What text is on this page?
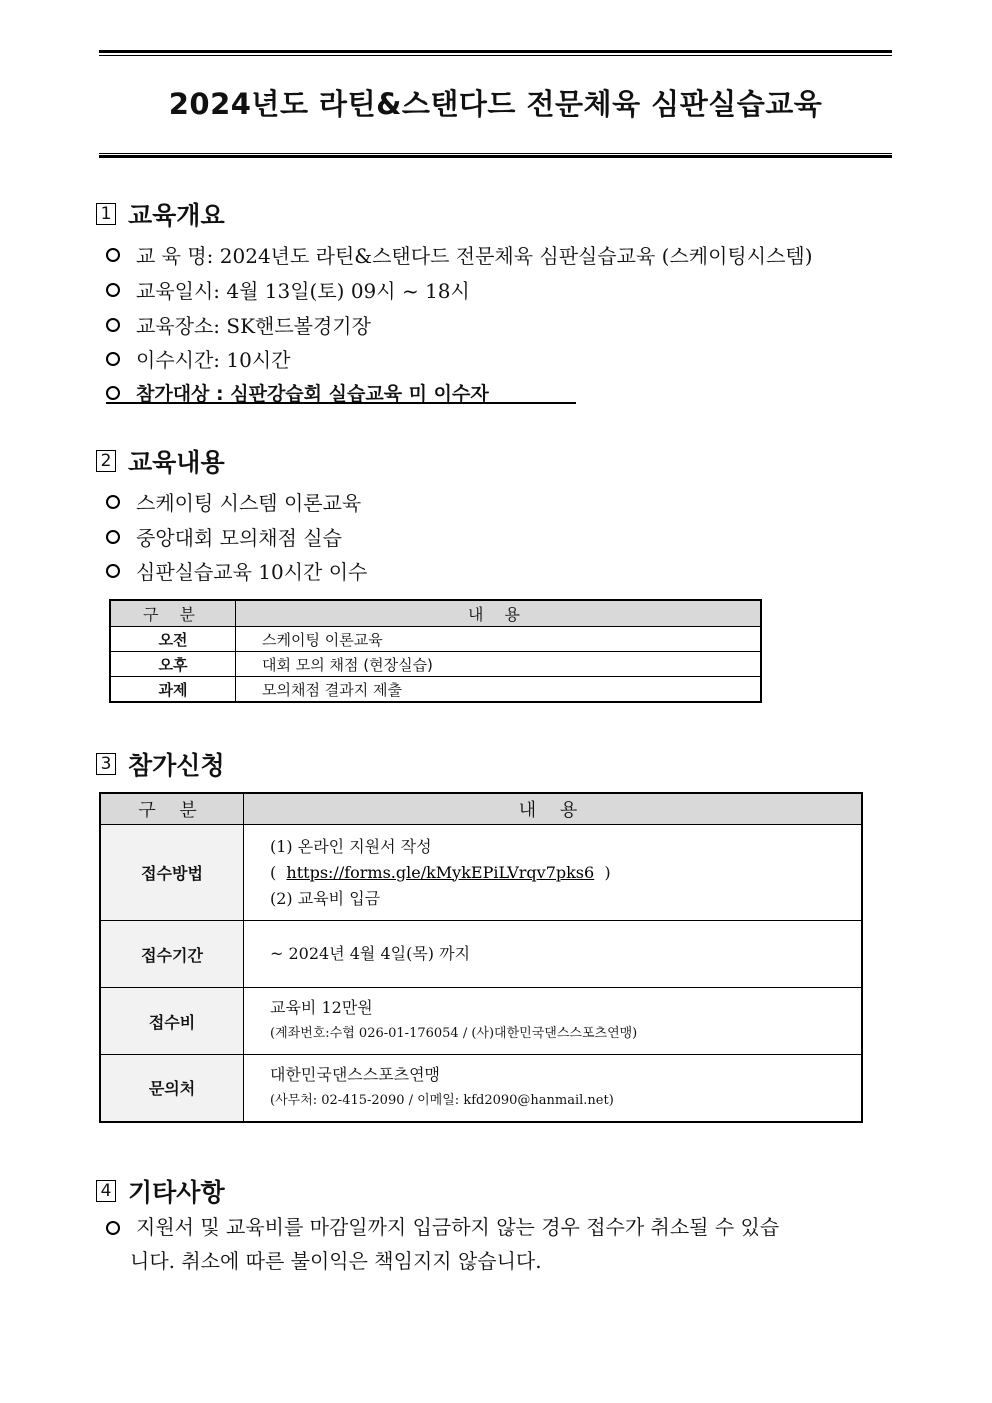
2024년도 라틴&스탠다드 전문체육 심판실습교육
1 교육개요
교 육 명: 2024년도 라틴&스탠다드 전문체육 심판실습교육 (스케이팅시스템)
교육일시: 4월 13일(토) 09시 ~ 18시
교육장소: SK핸드볼경기장
이수시간: 10시간
참가대상 : 심판강습회 실습교육 미 이수자
2 교육내용
스케이팅 시스템 이론교육
중앙대회 모의채점 실습
심판실습교육 10시간 이수
구 분	내 용
오전	스케이팅 이론교육
오후	대회 모의 채점 (현장실습)
과제	모의채점 결과지 제출
3 참가신청
구 분	내 용
접수방법	(1) 온라인 지원서 작성
( https://forms.gle/kMykEPiLVrqv7pks6 )
(2) 교육비 입금

접수기간	~ 2024년 4월 4일(목) 까지
접수비	교육비 12만원
(계좌번호:수협 026-01-176054 / (사)대한민국댄스스포츠연맹)

문의처	대한민국댄스스포츠연맹
(사무처: 02-415-2090 / 이메일: kfd2090@hanmail.net)
4 기타사항
지원서 및 교육비를 마감일까지 입금하지 않는 경우 접수가 취소될 수 있습
니다. 취소에 따른 불이익은 책임지지 않습니다.
